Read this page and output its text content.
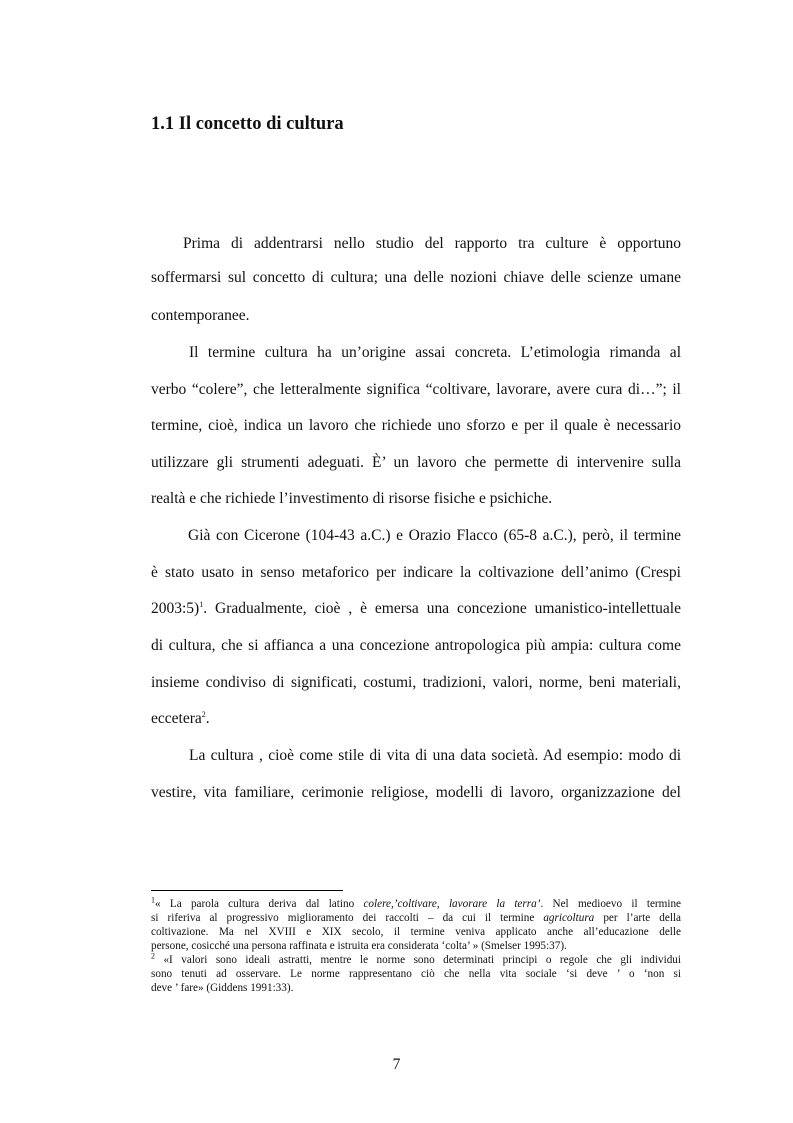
1.1 Il concetto di cultura
Prima di addentrarsi nello studio del rapporto tra culture è opportuno
soffermarsi sul concetto di cultura; una delle nozioni chiave delle scienze umane
contemporanee.
Il termine cultura ha un’origine assai concreta. L’etimologia rimanda al
verbo “colere”, che letteralmente significa “coltivare, lavorare, avere cura di…”; il
termine, cioè, indica un lavoro che richiede uno sforzo e per il quale è necessario
utilizzare gli strumenti adeguati. È’ un lavoro che permette di intervenire sulla
realtà e che richiede l’investimento di risorse fisiche e psichiche.
Già con Cicerone (104-43 a.C.) e Orazio Flacco (65-8 a.C.), però, il termine
è stato usato in senso metaforico per indicare la coltivazione dell’animo (Crespi
2003:5)$^1$. Gradualmente, cioè , è emersa una concezione umanistico-intellettuale
di cultura, che si affianca a una concezione antropologica più ampia: cultura come
insieme condiviso di significati, costumi, tradizioni, valori, norme, beni materiali,
eccetera$^2$.
La cultura , cioè come stile di vita di una data società. Ad esempio: modo di
vestire, vita familiare, cerimonie religiose, modelli di lavoro, organizzazione del
$^1$« La parola cultura deriva dal latino colere,’coltivare, lavorare la terra’. Nel medioevo il termine
si riferiva al progressivo miglioramento dei raccolti – da cui il termine agricoltura per l’arte della
coltivazione. Ma nel XVIII e XIX secolo, il termine veniva applicato anche all’educazione delle
persone, cosicché una persona raffinata e istruita era considerata ‘colta’ » (Smelser 1995:37).
$^2$ «I valori sono ideali astratti, mentre le norme sono determinati principi o regole che gli individui
sono tenuti ad osservare. Le norme rappresentano ciò che nella vita sociale ‘si deve ’ o ‘non si
deve ’ fare» (Giddens 1991:33).
7
